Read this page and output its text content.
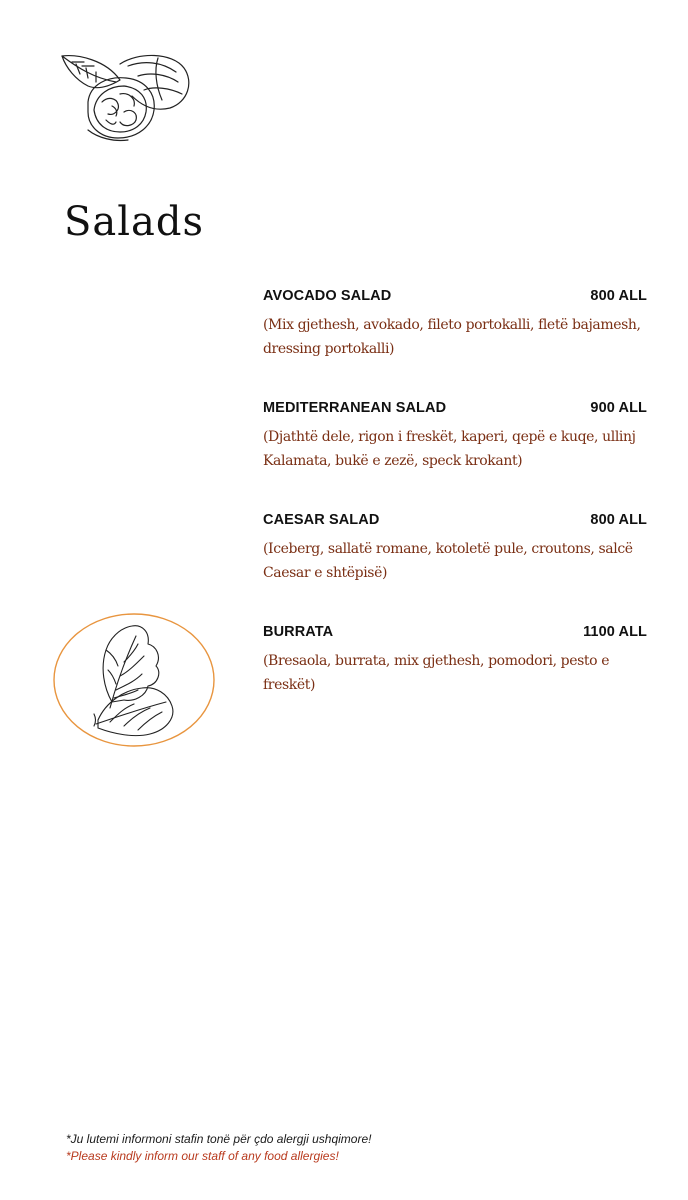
Salads
AVOCADO SALAD	800 ALL
(Mix gjethesh, avokado, fileto portokalli, fletë bajamesh, dressing portokalli)
MEDITERRANEAN SALAD	900 ALL
(Djathtë dele, rigon i freskët, kaperi, qepë e kuqe, ullinj Kalamata, bukë e zezë, speck krokant)
CAESAR SALAD	800 ALL
(Iceberg, sallatë romane, kotoletë pule, croutons, salcë Caesar e shtëpisë)
BURRATA	1100 ALL
(Bresaola, burrata, mix gjethesh, pomodori, pesto e freskët)
*Ju lutemi informoni stafin tonë për çdo alergji ushqimore!
*Please kindly inform our staff of any food allergies!
